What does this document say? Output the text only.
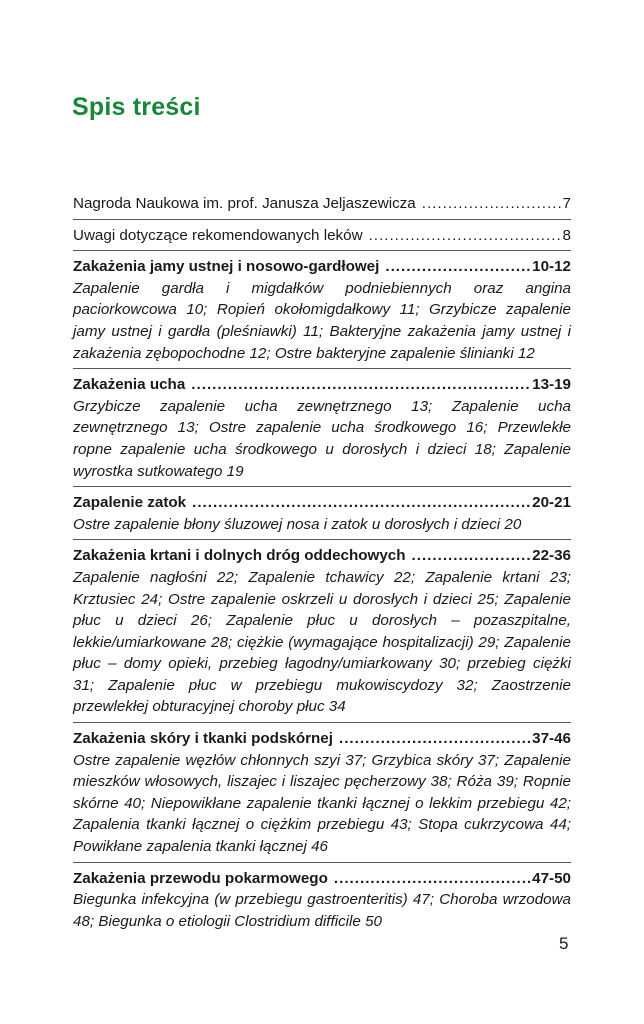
Spis treści
Nagroda Naukowa im. prof. Janusza Jeljaszewicza .....	7
Uwagi dotyczące rekomendowanych leków .....	8
Zakażenia jamy ustnej i nosowo-gardłowej .....	10-12

Zapalenie gardła i migdałków podniebiennych oraz angina paciorkowcowa 10; Ropień okołomigdałkowy 11; Grzybicze zapalenie jamy ustnej i gardła (pleśniawki) 11; Bakteryjne zakażenia jamy ustnej i zakażenia zębopochodne 12; Ostre bakteryjne zapalenie ślinianki 12

Zakażenia ucha .....	13-19

Grzybicze zapalenie ucha zewnętrznego 13; Zapalenie ucha zewnętrznego 13; Ostre zapalenie ucha środkowego 16; Przewlekłe ropne zapalenie ucha środkowego u dorosłych i dzieci 18; Zapalenie wyrostka sutkowatego 19

Zapalenie zatok .....	20-21

Ostre zapalenie błony śluzowej nosa i zatok u dorosłych i dzieci 20

Zakażenia krtani i dolnych dróg oddechowych .....	22-36

Zapalenie nagłośni 22; Zapalenie tchawicy 22; Zapalenie krtani 23; Krztusiec 24; Ostre zapalenie oskrzeli u dorosłych i dzieci 25; Zapalenie płuc u dzieci 26; Zapalenie płuc u dorosłych – pozaszpitalne, lekkie/umiarkowane 28; ciężkie (wymagające hospitalizacji) 29; Zapalenie płuc – domy opieki, przebieg łagodny/umiarkowany 30; przebieg ciężki 31; Zapalenie płuc w przebiegu mukowiscydozy 32; Zaostrzenie przewlekłej obturacyjnej choroby płuc 34

Zakażenia skóry i tkanki podskórnej .....	37-46

Ostre zapalenie węzłów chłonnych szyi 37; Grzybica skóry 37; Zapalenie mieszków włosowych, liszajec i liszajec pęcherzowy 38; Róża 39; Ropnie skórne 40; Niepowikłane zapalenie tkanki łącznej o lekkim przebiegu 42; Zapalenia tkanki łącznej o ciężkim przebiegu 43; Stopa cukrzycowa 44; Powikłane zapalenia tkanki łącznej 46

Zakażenia przewodu pokarmowego .....	47-50

Biegunka infekcyjna (w przebiegu gastroenteritis) 47; Choroba wrzodowa 48; Biegunka o etiologii Clostridium difficile 50

5
